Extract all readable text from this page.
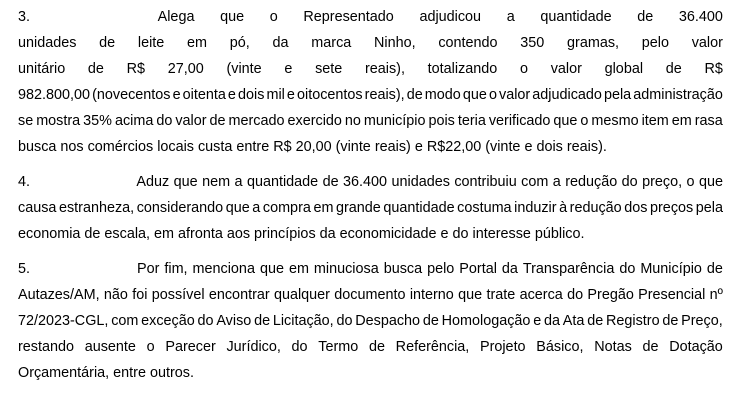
3.	Alega que o Representado adjudicou a quantidade de 36.400
unidades de leite em pó, da marca Ninho, contendo 350 gramas, pelo valor
unitário de R$ 27,00 (vinte e sete reais), totalizando o valor global de R$
982.800,00 (novecentos e oitenta e dois mil e oitocentos reais), de modo que o valor adjudicado pela administração
se mostra 35% acima do valor de mercado exercido no município pois teria verificado que o mesmo item em rasa
busca nos comércios locais custa entre R$ 20,00 (vinte reais) e R$22,00 (vinte e dois reais).
4.	Aduz que nem a quantidade de 36.400 unidades contribuiu com a redução do preço, o que
causa estranheza, considerando que a compra em grande quantidade costuma induzir à redução dos preços pela
economia de escala, em afronta aos princípios da economicidade e do interesse público.
5.	Por fim, menciona que em minuciosa busca pelo Portal da Transparência do Município de
Autazes/AM, não foi possível encontrar qualquer documento interno que trate acerca do Pregão Presencial nº
72/2023-CGL, com exceção do Aviso de Licitação, do Despacho de Homologação e da Ata de Registro de Preço,
restando ausente o Parecer Jurídico, do Termo de Referência, Projeto Básico, Notas de Dotação
Orçamentária, entre outros.
